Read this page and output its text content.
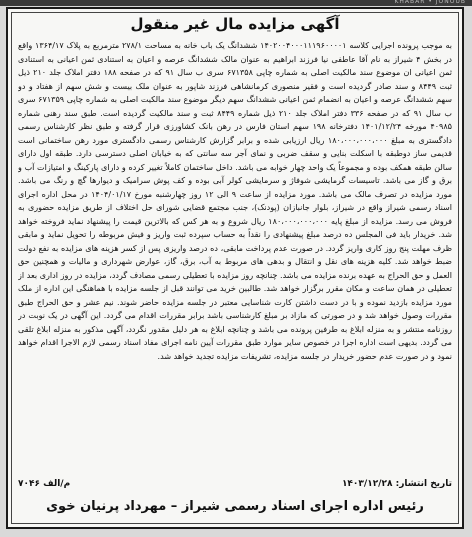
KHABAR • JONOUB
آگهی مزایده مال غیر منقول
به موجب پرونده اجرایی کلاسه ۱۴۰۲۰۰۴۰۰۰۱۱۱۹۶۰۰۰۰۱ ششدانگ یک باب خانه به مساحت ۲۷۸/۱ مترمربع به پلاک ۱۳۶۴/۱۷ واقع در بخش ۴ شیراز به نام آقا عاطفی نیا فرزند ابراهیم به عنوان مالک ششدانگ عرصه و اعیان به استنادی ثمن اعیانی به استنادی ثمن اعیانی ان موضوع سند مالکیت اصلی به شماره چاپی ۶۷۱۳۵۸ سری ب سال ۹۱ که در صفحه ۱۸۸ دفتر املاک جلد ۲۱۰ ذیل ثبت ۸۴۴۹ و سند صادر گردیده است و فقیر منصوری کرمانشاهی فرزند شاپور به عنوان ملک بیست و شش سهم از هفتاد و دو سهم ششدانگ عرصه و اعیان به انضمام ثمن اعیانی ششدانگ سهم دیگر موضوع سند مالکیت اصلی به شماره چاپی ۶۷۱۳۵۹ سری ب سال ۹۱ که در صفحه ۳۳۶ دفتر املاک جلد ۲۱۰ ذیل شماره ۸۴۴۹ ثبت و سند مالکیت گردیده است. طبق سند رهنی شماره ۴۰۹۸۵ مورخه ۱۴۰۱/۱۲/۲۴ دفترخانه ۱۹۸ سهم استان فارس در رهن بانک کشاورزی قرار گرفته و طبق نظر کارشناس رسمی دادگستری به مبلغ ۱۸۰،۰۰۰،۰۰۰،۰۰۰ ریال ارزیابی شده و برابر گزارش کارشناس رسمی دادگستری مورد رهن ساختمانی است قدیمی ساز دوطبقه با اسکلت بنایی و سقف ضربی و نمای آجر سه سانتی که به خیابان اصلی دسترسی دارد. طبقه اول دارای سالن طبقه همکف بوده و مجموعاً یک واحد چهار خوابه می باشد. داخل ساختمان کاملاً تغییر کرده و دارای پارکینگ و امتیازات آب و برق و گاز می باشد. تاسیسات گرمایشی شوفاژ و سرمایشی کولر آبی بوده و کف پوش سرامیک و دیوارها گچ و رنگ می باشد. مورد مزایده در تصرف مالک می باشد. مورد مزایده از ساعت ۹ الی ۱۲ روز چهارشنبه مورخ ۱۴۰۴/۰۱/۱۷ در محل اداره اجرای اسناد رسمی شیراز واقع در شیراز، بلوار جانبازان (پودنک)، جنب مجتمع قضایی شورای حل اختلاف از طریق مزایده حضوری به فروش می رسد. مزایده از مبلغ پایه ۱۸۰،۰۰۰،۰۰۰،۰۰۰ ریال شروع و به هر کس که بالاترین قیمت را پیشنهاد نماید فروخته خواهد شد. خریدار باید فی المجلس ده درصد مبلغ پیشنهادی را نقداً به حساب سپرده ثبت واریز و فیش مربوطه را تحویل نماید و مابقی ظرف مهلت پنج روز کاری واریز گردد. در صورت عدم پرداخت مابقی، ده درصد واریزی پس از کسر هزینه های مزایده به نفع دولت ضبط خواهد شد. کلیه هزینه های نقل و انتقال و بدهی های مربوط به آب، برق، گاز، عوارض شهرداری و مالیات و همچنین حق العمل و حق الحراج به عهده برنده مزایده می باشد. چنانچه روز مزایده با تعطیلی رسمی مصادف گردد، مزایده در روز اداری بعد از تعطیلی در همان ساعت و مکان مقرر برگزار خواهد شد. طالبین خرید می توانند قبل از جلسه مزایده با هماهنگی این اداره از ملک مورد مزایده بازدید نموده و با در دست داشتن کارت شناسایی معتبر در جلسه مزایده حاضر شوند. نیم عشر و حق الحراج طبق مقررات وصول خواهد شد و در صورتی که مازاد بر مبلغ کارشناسی باشد برابر مقررات اقدام می گردد. این آگهی در یک نوبت در روزنامه منتشر و به منزله ابلاغ به طرفین پرونده می باشد و چنانچه ابلاغ به هر دلیل مقدور نگردد، آگهی مذکور به منزله ابلاغ تلقی می گردد. بدیهی است اداره اجرا در خصوص سایر موارد طبق مقررات آیین نامه اجرای مفاد اسناد رسمی لازم الاجرا اقدام خواهد نمود و در صورت عدم حضور خریدار در جلسه مزایده، تشریفات مزایده تجدید خواهد شد.
تاریخ انتشار: ۱۴۰۳/۱۲/۲۸
م/الف ۷۰۴۶
رئیس اداره اجرای اسناد رسمی شیراز – مهرداد پرنیان خوی
